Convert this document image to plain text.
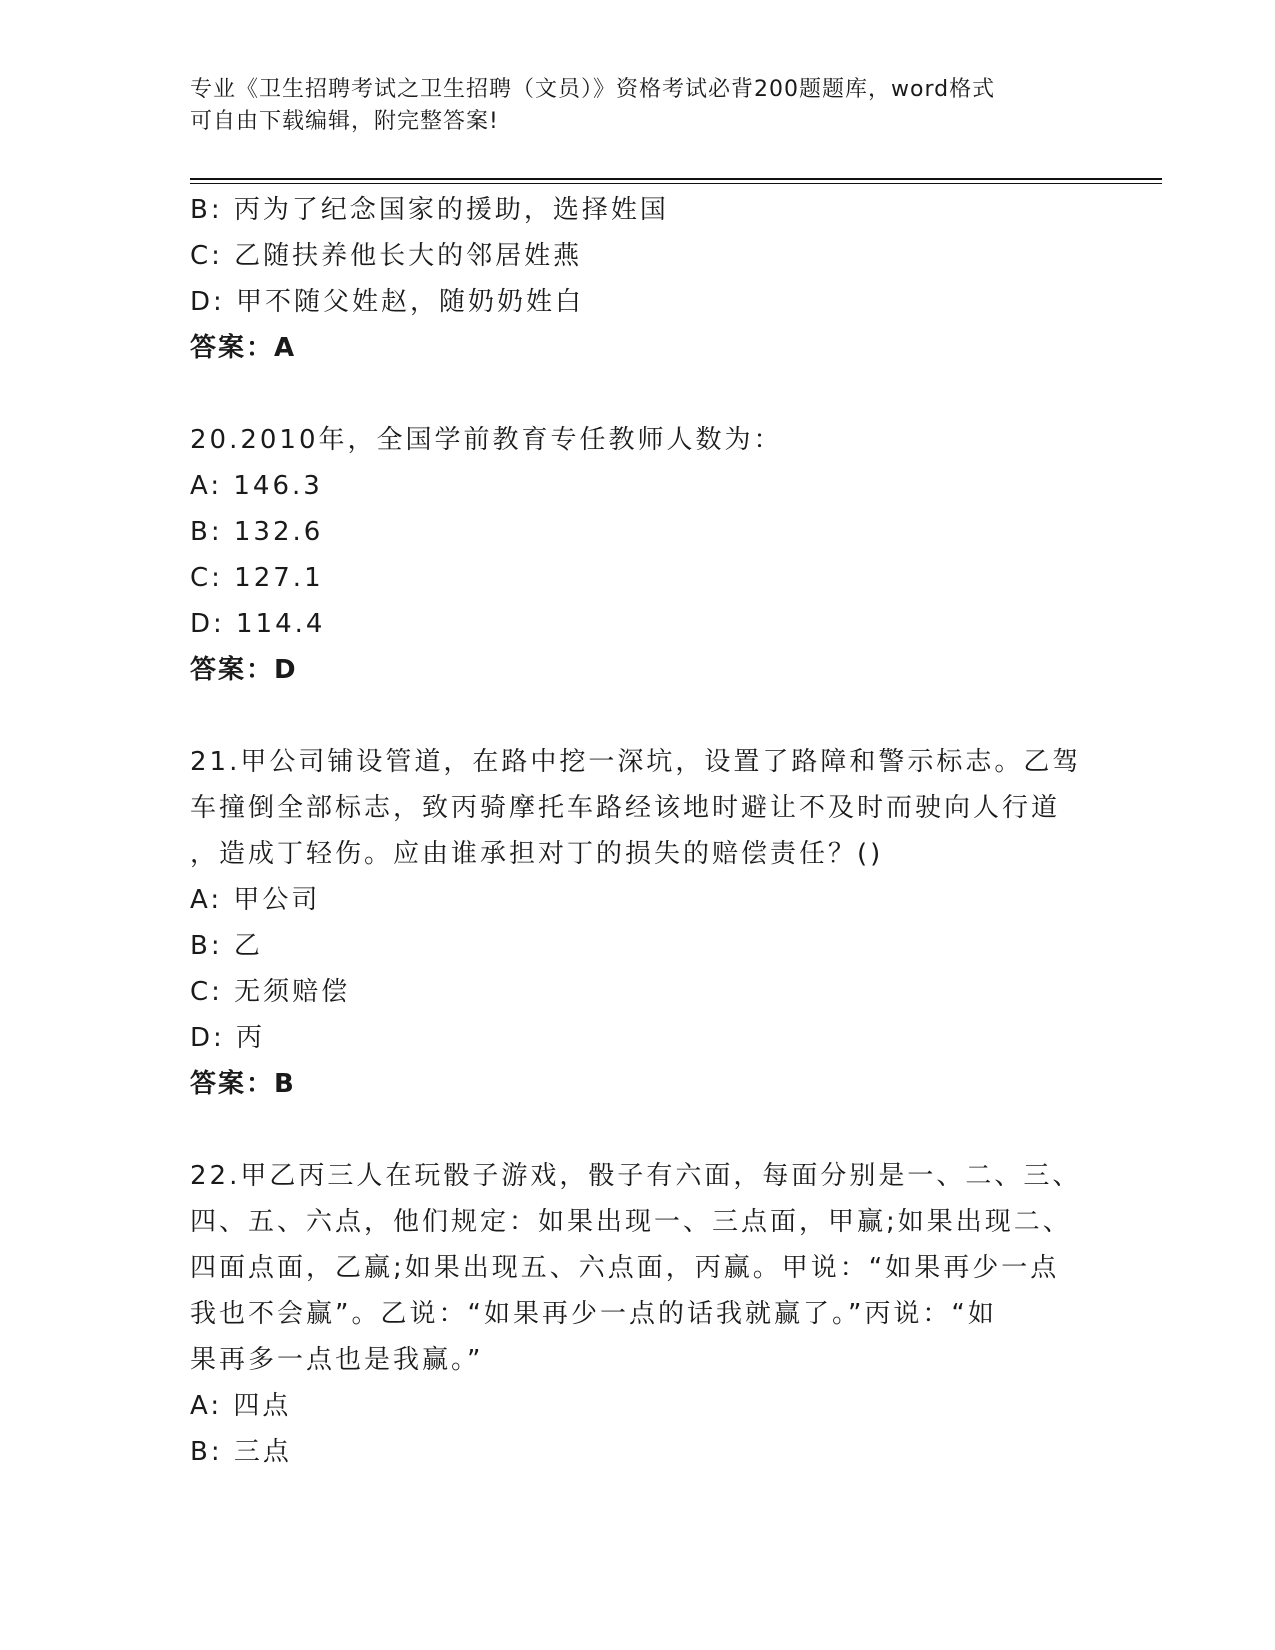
专业《卫生招聘考试之卫生招聘（文员）》资格考试必背200题题库，word格式
可自由下载编辑，附完整答案!
B: 丙为了纪念国家的援助，选择姓国
C: 乙随扶养他长大的邻居姓燕
D: 甲不随父姓赵，随奶奶姓白
答案：A
20.2010年，全国学前教育专任教师人数为：
A: 146.3
B: 132.6
C: 127.1
D: 114.4
答案：D
21.甲公司铺设管道，在路中挖一深坑，设置了路障和警示标志。乙驾
车撞倒全部标志，致丙骑摩托车路经该地时避让不及时而驶向人行道
，造成丁轻伤。应由谁承担对丁的损失的赔偿责任？()
A: 甲公司
B: 乙
C: 无须赔偿
D: 丙
答案：B
22.甲乙丙三人在玩骰子游戏，骰子有六面，每面分别是一、二、三、
四、五、六点，他们规定：如果出现一、三点面，甲赢;如果出现二、
四面点面，乙赢;如果出现五、六点面，丙赢。甲说：“如果再少一点
我也不会赢”。乙说：“如果再少一点的话我就赢了。”丙说：“如
果再多一点也是我赢。”
A: 四点
B: 三点
